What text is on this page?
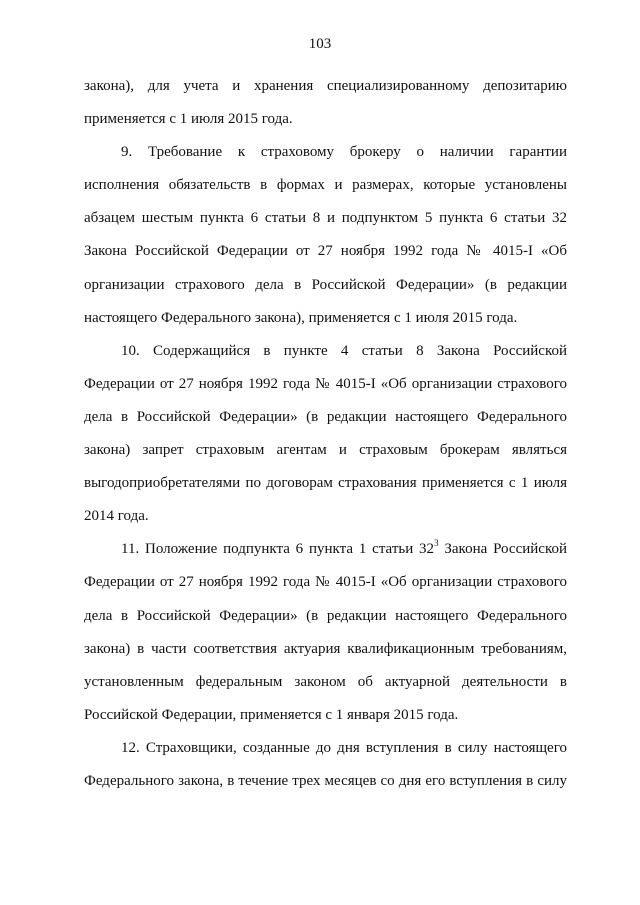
103
закона), для учета и хранения специализированному депозитарию
применяется с 1 июля 2015 года.
9. Требование к страховому брокеру о наличии гарантии
исполнения обязательств в формах и размерах, которые установлены
абзацем шестым пункта 6 статьи 8 и подпунктом 5 пункта 6 статьи 32
Закона Российской Федерации от 27 ноября 1992 года № 4015-I «Об
организации страхового дела в Российской Федерации» (в редакции
настоящего Федерального закона), применяется с 1 июля 2015 года.
10. Содержащийся в пункте 4 статьи 8 Закона Российской
Федерации от 27 ноября 1992 года № 4015-I «Об организации страхового
дела в Российской Федерации» (в редакции настоящего Федерального
закона) запрет страховым агентам и страховым брокерам являться
выгодоприобретателями по договорам страхования применяется с 1 июля
2014 года.
11. Положение подпункта 6 пункта 1 статьи $32^3$ Закона Российской
Федерации от 27 ноября 1992 года № 4015-I «Об организации страхового
дела в Российской Федерации» (в редакции настоящего Федерального
закона) в части соответствия актуария квалификационным требованиям,
установленным федеральным законом об актуарной деятельности в
Российской Федерации, применяется с 1 января 2015 года.
12. Страховщики, созданные до дня вступления в силу настоящего
Федерального закона, в течение трех месяцев со дня его вступления в силу
